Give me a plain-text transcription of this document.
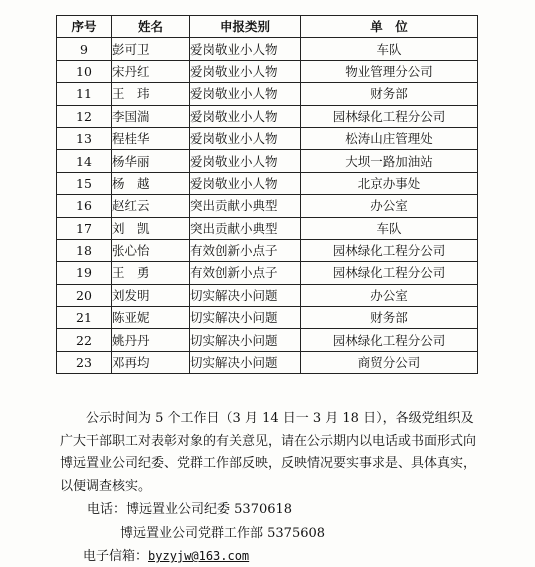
序号	姓名	申报类别	单　位
9	彭可卫	爱岗敬业小人物	车队
10	宋丹红	爱岗敬业小人物	物业管理分公司
11	王　玮	爱岗敬业小人物	财务部
12	李国湍	爱岗敬业小人物	园林绿化工程分公司
13	程桂华	爱岗敬业小人物	松涛山庄管理处
14	杨华丽	爱岗敬业小人物	大坝一路加油站
15	杨　越	爱岗敬业小人物	北京办事处
16	赵红云	突出贡献小典型	办公室
17	刘　凯	突出贡献小典型	车队
18	张心怡	有效创新小点子	园林绿化工程分公司
19	王　勇	有效创新小点子	园林绿化工程分公司
20	刘发明	切实解决小问题	办公室
21	陈亚妮	切实解决小问题	财务部
22	姚丹丹	切实解决小问题	园林绿化工程分公司
23	邓再均	切实解决小问题	商贸分公司

公示时间为 5 个工作日（3 月 14 日一 3 月 18 日），各级党组织及广大干部职工对表彰对象的有关意见，请在公示期内以电话或书面形式向博远置业公司纪委、党群工作部反映，反映情况要实事求是、具体真实，以便调查核实。

电话：博远置业公司纪委 5370618
博远置业公司党群工作部 5375608
电子信箱：byzyjw@163.com
